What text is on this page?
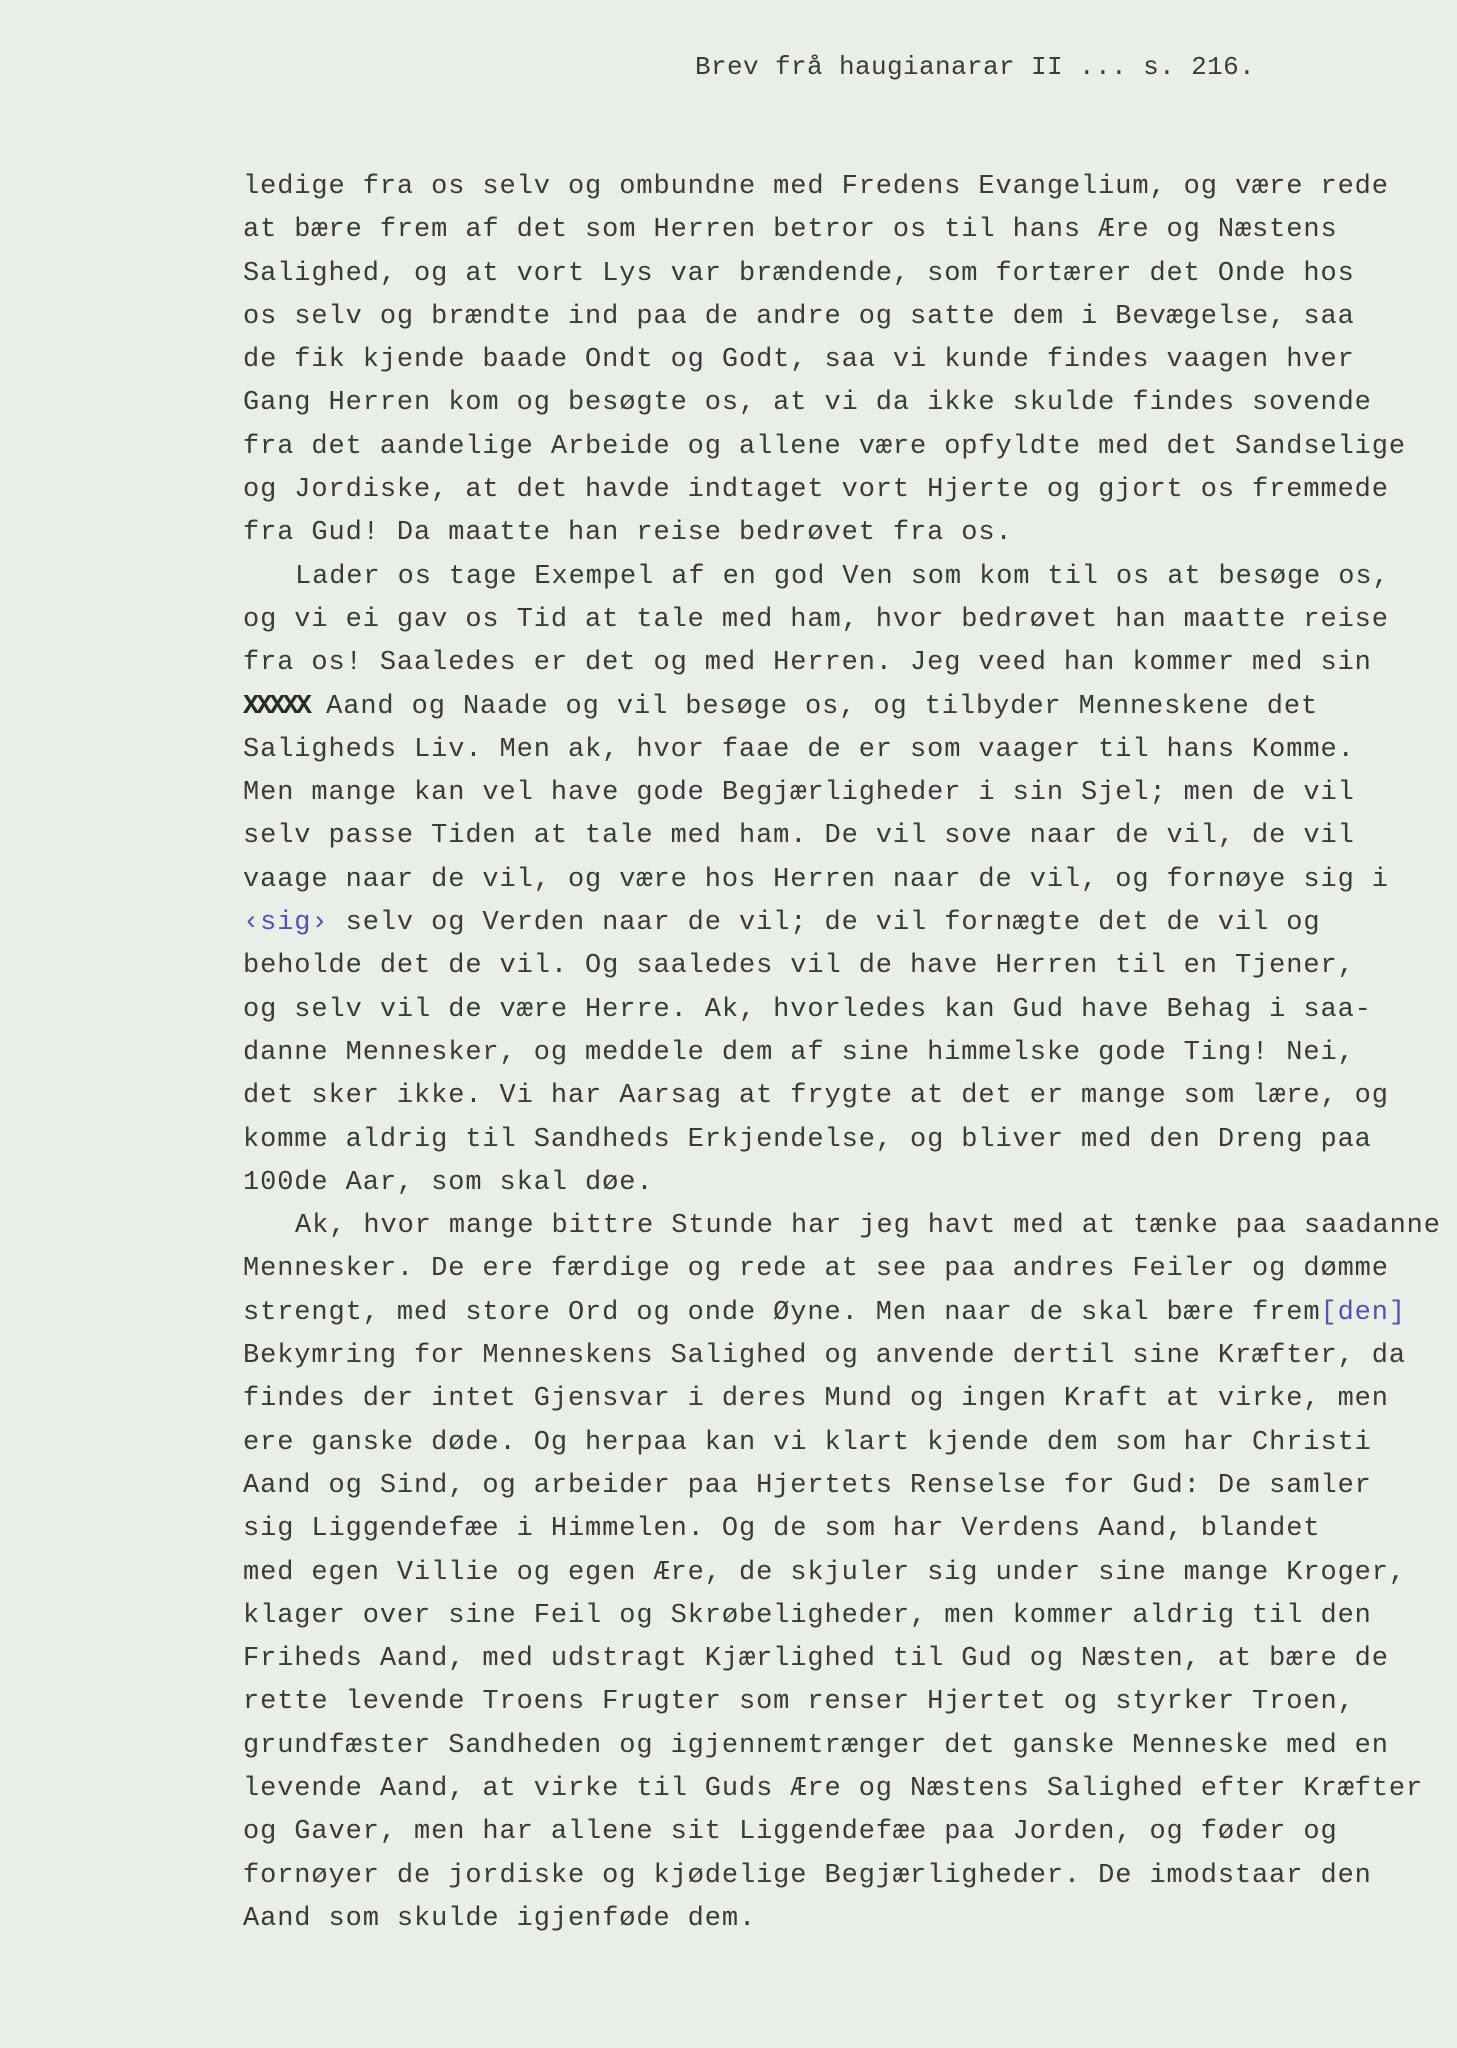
Brev frå haugianarar II ... s. 216.
ledige fra os selv og ombundne med Fredens Evangelium, og være rede
at bære frem af det som Herren betror os til hans Ære og Næstens
Salighed, og at vort Lys var brændende, som fortærer det Onde hos
os selv og brændte ind paa de andre og satte dem i Bevægelse, saa
de fik kjende baade Ondt og Godt, saa vi kunde findes vaagen hver
Gang Herren kom og besøgte os, at vi da ikke skulde findes sovende
fra det aandelige Arbeide og allene være opfyldte med det Sandselige
og Jordiske, at det havde indtaget vort Hjerte og gjort os fremmede
fra Gud! Da maatte han reise bedrøvet fra os.
Lader os tage Exempel af en god Ven som kom til os at besøge os,
og vi ei gav os Tid at tale med ham, hvor bedrøvet han maatte reise
fra os! Saaledes er det og med Herren. Jeg veed han kommer med sin
XXXXX Aand og Naade og vil besøge os, og tilbyder Menneskene det
Saligheds Liv. Men ak, hvor faae de er som vaager til hans Komme.
Men mange kan vel have gode Begjærligheder i sin Sjel; men de vil
selv passe Tiden at tale med ham. De vil sove naar de vil, de vil
vaage naar de vil, og være hos Herren naar de vil, og fornøye sig i
‹sig› selv og Verden naar de vil; de vil fornægte det de vil og
beholde det de vil. Og saaledes vil de have Herren til en Tjener,
og selv vil de være Herre. Ak, hvorledes kan Gud have Behag i saa-
danne Mennesker, og meddele dem af sine himmelske gode Ting! Nei,
det sker ikke. Vi har Aarsag at frygte at det er mange som lære, og
komme aldrig til Sandheds Erkjendelse, og bliver med den Dreng paa
100de Aar, som skal døe.
Ak, hvor mange bittre Stunde har jeg havt med at tænke paa saadanne
Mennesker. De ere færdige og rede at see paa andres Feiler og dømme
strengt, med store Ord og onde Øyne. Men naar de skal bære frem[den]
Bekymring for Menneskens Salighed og anvende dertil sine Kræfter, da
findes der intet Gjensvar i deres Mund og ingen Kraft at virke, men
ere ganske døde. Og herpaa kan vi klart kjende dem som har Christi
Aand og Sind, og arbeider paa Hjertets Renselse for Gud: De samler
sig Liggendefæe i Himmelen. Og de som har Verdens Aand, blandet
med egen Villie og egen Ære, de skjuler sig under sine mange Kroger,
klager over sine Feil og Skrøbeligheder, men kommer aldrig til den
Friheds Aand, med udstragt Kjærlighed til Gud og Næsten, at bære de
rette levende Troens Frugter som renser Hjertet og styrker Troen,
grundfæster Sandheden og igjennemtrænger det ganske Menneske med en
levende Aand, at virke til Guds Ære og Næstens Salighed efter Kræfter
og Gaver, men har allene sit Liggendefæe paa Jorden, og føder og
fornøyer de jordiske og kjødelige Begjærligheder. De imodstaar den
Aand som skulde igjenføde dem.
